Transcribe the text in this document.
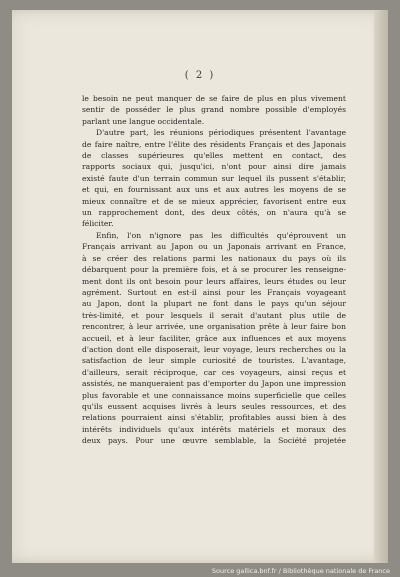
( 2 )
le besoin ne peut manquer de se faire de plus en plus vivement
sentir de posséder le plus grand nombre possible d'employés
parlant une langue occidentale.
D'autre part, les réunions périodiques présentent l'avantage
de faire naître, entre l'élite des résidents Français et des Japonais
de classes supérieures qu'elles mettent en contact, des
rapports sociaux qui, jusqu'ici, n'ont pour ainsi dire jamais
existé faute d'un terrain commun sur lequel ils pussent s'établir,
et qui, en fournissant aux uns et aux autres les moyens de se
mieux connaître et de se mieux apprécier, favorisent entre eux
un rapprochement dont, des deux côtés, on n'aura qu'à se
féliciter.
Enfin, l'on n'ignore pas les difficultés qu'éprouvent un
Français arrivant au Japon ou un Japonais arrivant en France,
à se créer des relations parmi les nationaux du pays où ils
débarquent pour la première fois, et à se procurer les renseigne-
ment dont ils ont besoin pour leurs affaires, leurs études ou leur
agrément. Surtout en est-il ainsi pour les Français voyageant
au Japon, dont la plupart ne font dans le pays qu'un séjour
très-limité, et pour lesquels il serait d'autant plus utile de
rencontrer, à leur arrivée, une organisation prête à leur faire bon
accueil, et à leur faciliter, grâce aux influences et aux moyens
d'action dont elle disposerait, leur voyage, leurs recherches ou la
satisfaction de leur simple curiosité de touristes. L'avantage,
d'ailleurs, serait réciproque, car ces voyageurs, ainsi reçus et
assistés, ne manqueraient pas d'emporter du Japon une impression
plus favorable et une connaissance moins superficielle que celles
qu'ils eussent acquises livrés à leurs seules ressources, et des
relations pourraient ainsi s'établir, profitables aussi bien à des
intérêts individuels qu'aux intérêts matériels et moraux des
deux pays. Pour une œuvre semblable, la Société projetée
Source gallica.bnf.fr / Bibliothèque nationale de France
